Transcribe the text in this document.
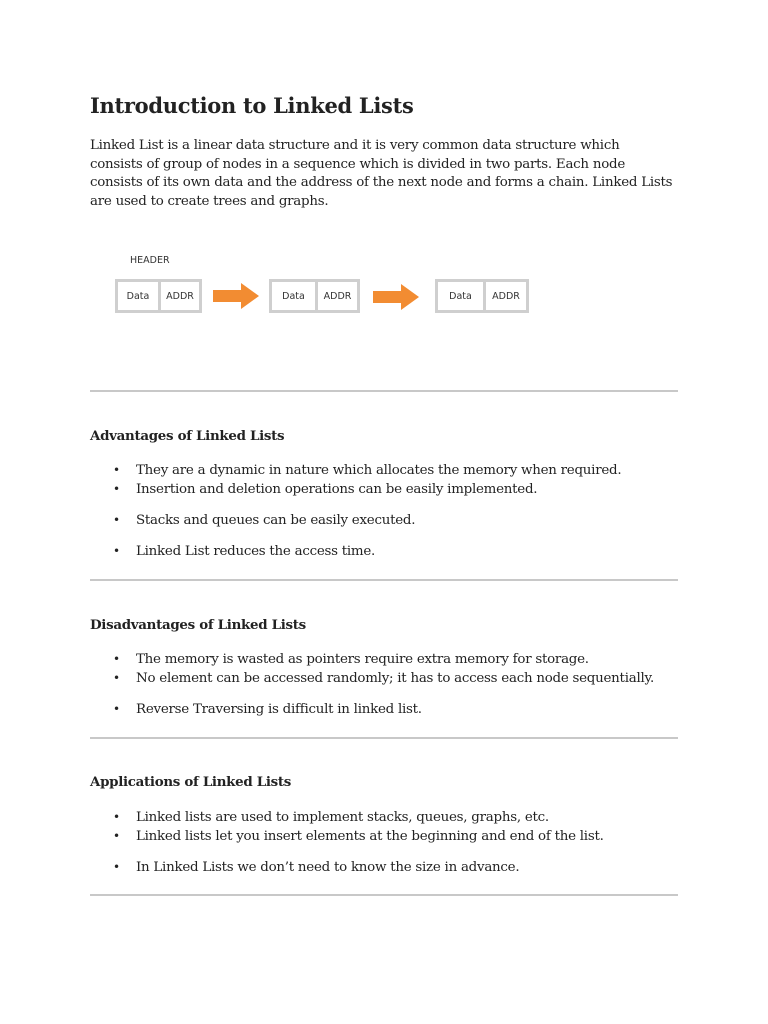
Introduction to Linked Lists

Linked List is a linear data structure and it is very common data structure which consists of group of nodes in a sequence which is divided in two parts. Each node consists of its own data and the address of the next node and forms a chain. Linked Lists are used to create trees and graphs.

HEADER
Data	ADDR	Data	ADDR	Data	ADDR
Advantages of Linked Lists
•	They are a dynamic in nature which allocates the memory when required.
•	Insertion and deletion operations can be easily implemented.
•	Stacks and queues can be easily executed.
•	Linked List reduces the access time.
Disadvantages of Linked Lists
•	The memory is wasted as pointers require extra memory for storage.
•	No element can be accessed randomly; it has to access each node sequentially.
•	Reverse Traversing is difficult in linked list.
Applications of Linked Lists
•	Linked lists are used to implement stacks, queues, graphs, etc.
•	Linked lists let you insert elements at the beginning and end of the list.
•	In Linked Lists we don’t need to know the size in advance.
